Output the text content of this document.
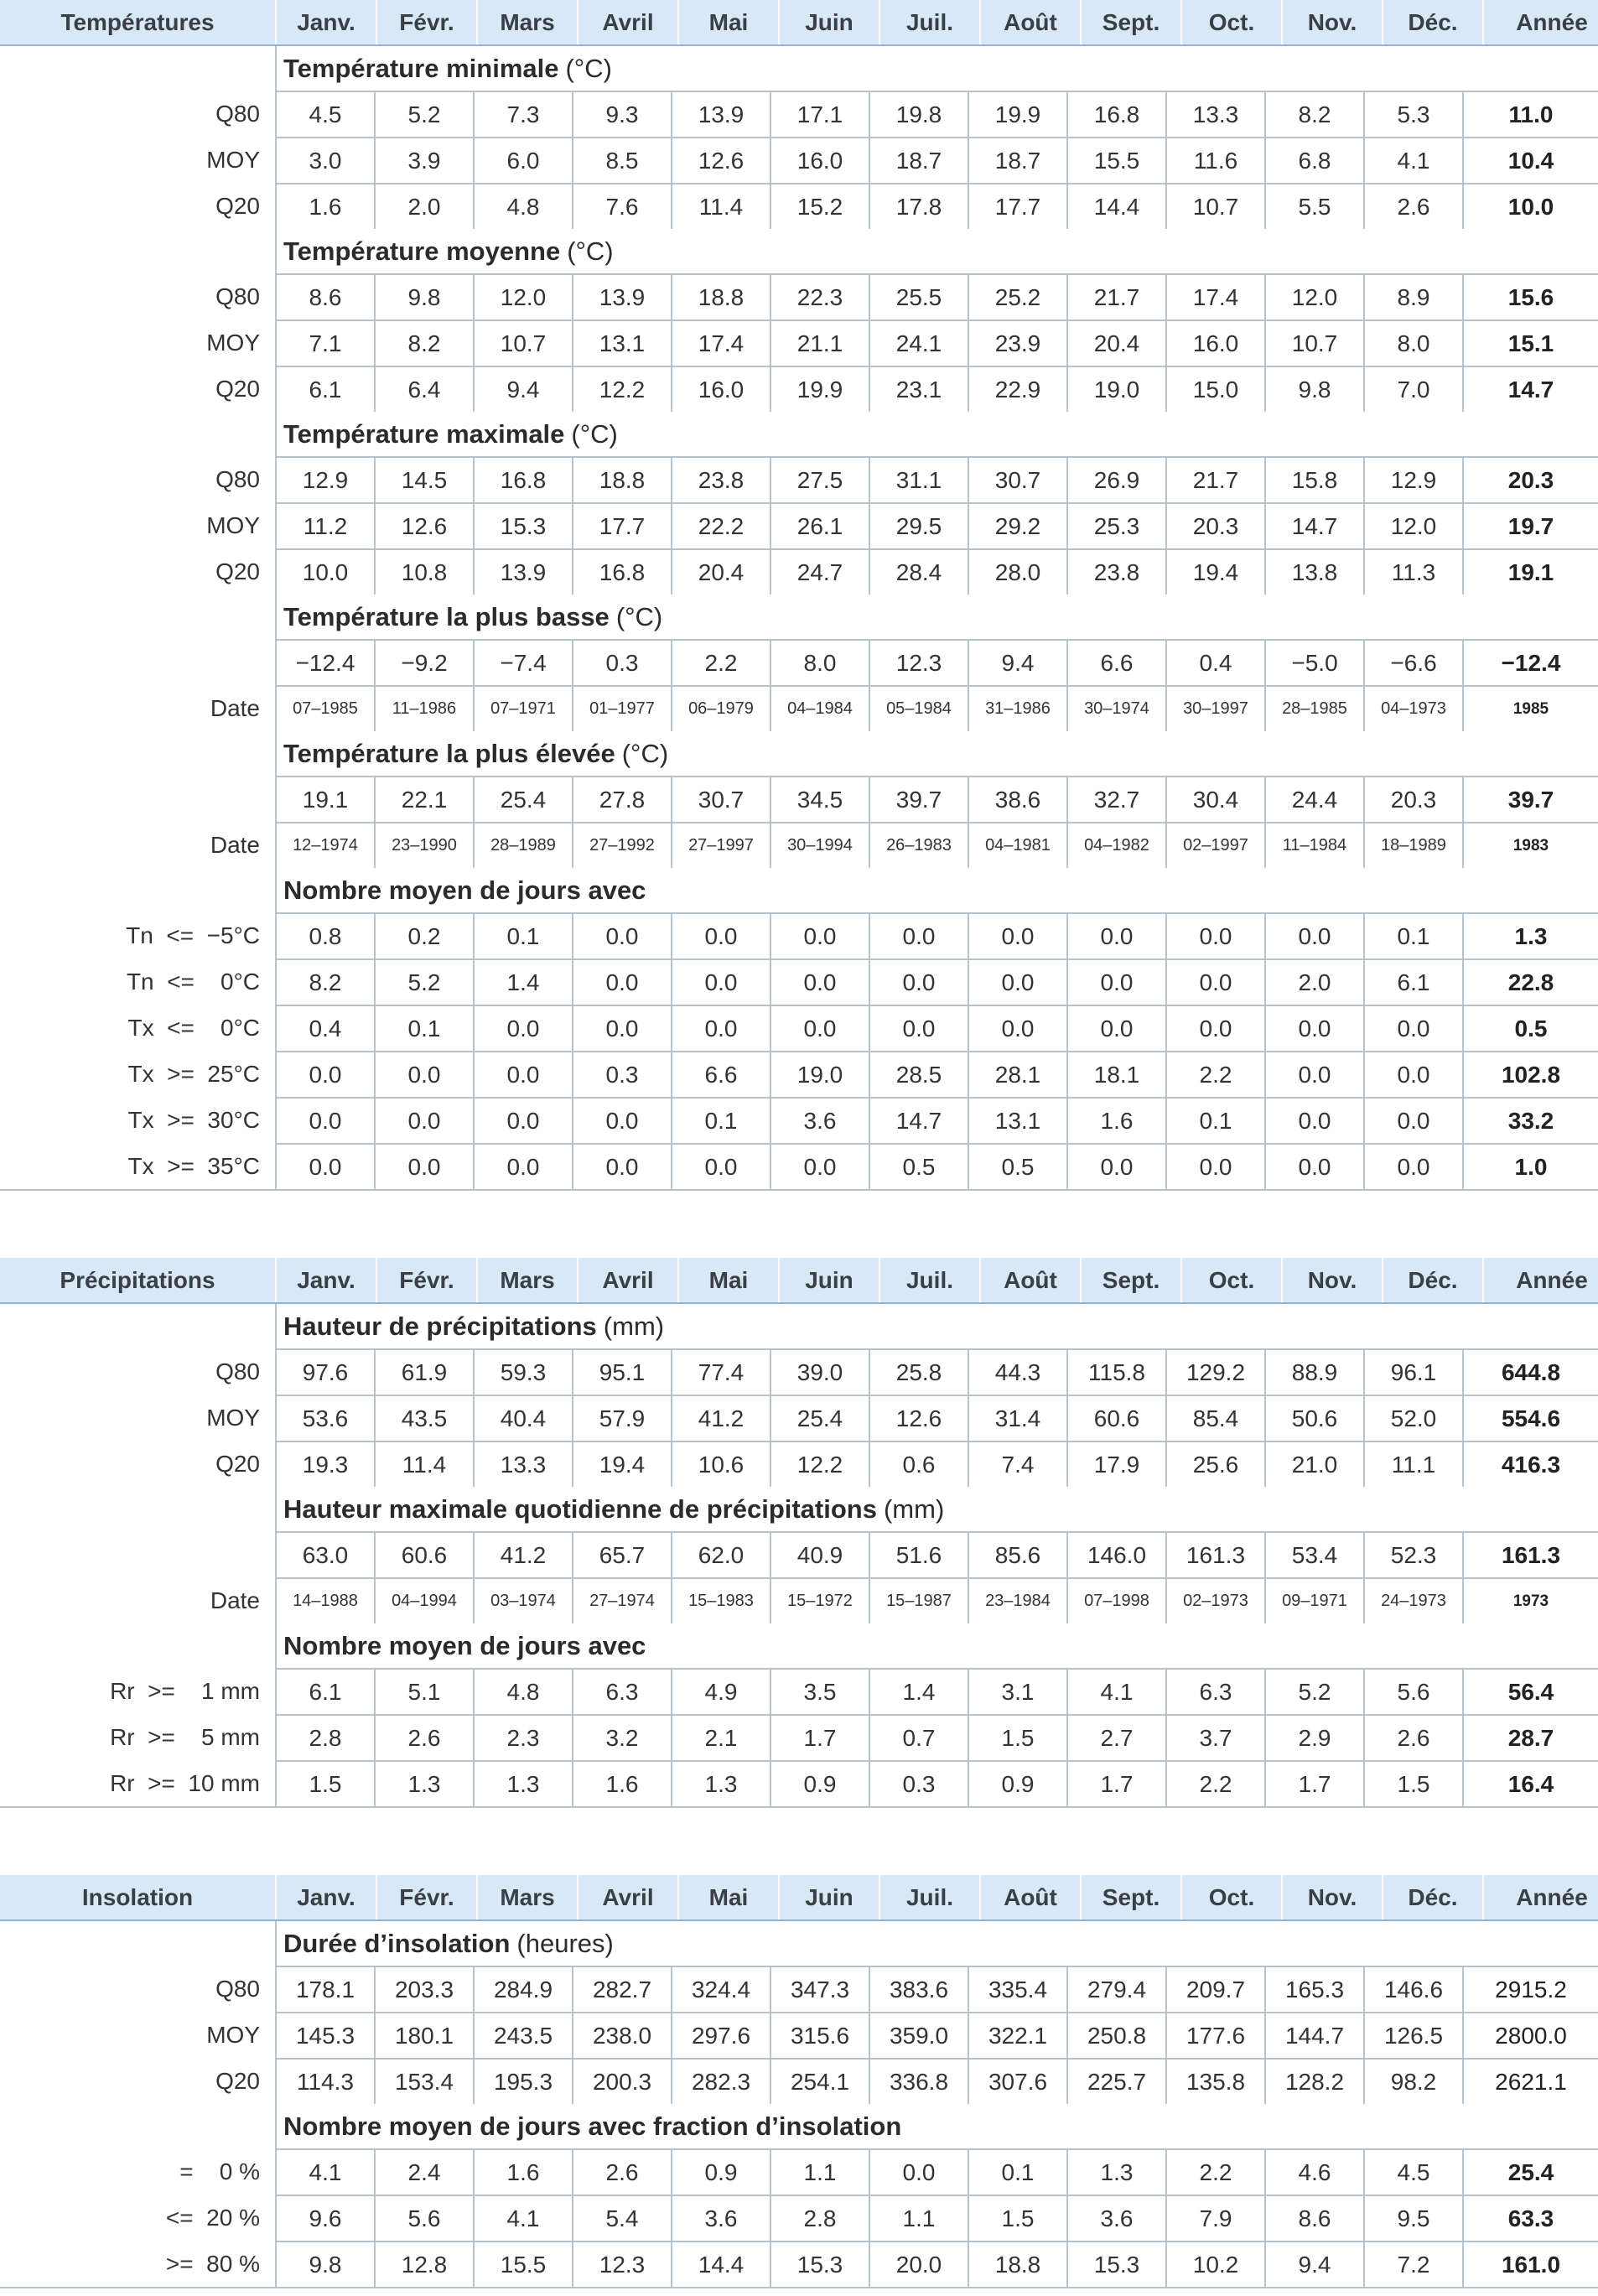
Températures	Janv.	Févr.	Mars	Avril	Mai	Juin	Juil.	Août	Sept.	Oct.	Nov.	Déc.	Année
Température minimale (°C)
Q80	4.5	5.2	7.3	9.3	13.9	17.1	19.8	19.9	16.8	13.3	8.2	5.3	11.0
MOY	3.0	3.9	6.0	8.5	12.6	16.0	18.7	18.7	15.5	11.6	6.8	4.1	10.4
Q20	1.6	2.0	4.8	7.6	11.4	15.2	17.8	17.7	14.4	10.7	5.5	2.6	10.0
Température moyenne (°C)
Q80	8.6	9.8	12.0	13.9	18.8	22.3	25.5	25.2	21.7	17.4	12.0	8.9	15.6
MOY	7.1	8.2	10.7	13.1	17.4	21.1	24.1	23.9	20.4	16.0	10.7	8.0	15.1
Q20	6.1	6.4	9.4	12.2	16.0	19.9	23.1	22.9	19.0	15.0	9.8	7.0	14.7
Température maximale (°C)
Q80	12.9	14.5	16.8	18.8	23.8	27.5	31.1	30.7	26.9	21.7	15.8	12.9	20.3
MOY	11.2	12.6	15.3	17.7	22.2	26.1	29.5	29.2	25.3	20.3	14.7	12.0	19.7
Q20	10.0	10.8	13.9	16.8	20.4	24.7	28.4	28.0	23.8	19.4	13.8	11.3	19.1
Température la plus basse (°C)
−12.4	−9.2	−7.4	0.3	2.2	8.0	12.3	9.4	6.6	0.4	−5.0	−6.6	−12.4
Date	07–1985	11–1986	07–1971	01–1977	06–1979	04–1984	05–1984	31–1986	30–1974	30–1997	28–1985	04–1973	1985
Température la plus élevée (°C)
19.1	22.1	25.4	27.8	30.7	34.5	39.7	38.6	32.7	30.4	24.4	20.3	39.7
Date	12–1974	23–1990	28–1989	27–1992	27–1997	30–1994	26–1983	04–1981	04–1982	02–1997	11–1984	18–1989	1983
Nombre moyen de jours avec
Tn  <=  −5°C	0.8	0.2	0.1	0.0	0.0	0.0	0.0	0.0	0.0	0.0	0.0	0.1	1.3
Tn  <=    0°C	8.2	5.2	1.4	0.0	0.0	0.0	0.0	0.0	0.0	0.0	2.0	6.1	22.8
Tx  <=    0°C	0.4	0.1	0.0	0.0	0.0	0.0	0.0	0.0	0.0	0.0	0.0	0.0	0.5
Tx  >=  25°C	0.0	0.0	0.0	0.3	6.6	19.0	28.5	28.1	18.1	2.2	0.0	0.0	102.8
Tx  >=  30°C	0.0	0.0	0.0	0.0	0.1	3.6	14.7	13.1	1.6	0.1	0.0	0.0	33.2
Tx  >=  35°C	0.0	0.0	0.0	0.0	0.0	0.0	0.5	0.5	0.0	0.0	0.0	0.0	1.0
Précipitations	Janv.	Févr.	Mars	Avril	Mai	Juin	Juil.	Août	Sept.	Oct.	Nov.	Déc.	Année
Hauteur de précipitations (mm)
Q80	97.6	61.9	59.3	95.1	77.4	39.0	25.8	44.3	115.8	129.2	88.9	96.1	644.8
MOY	53.6	43.5	40.4	57.9	41.2	25.4	12.6	31.4	60.6	85.4	50.6	52.0	554.6
Q20	19.3	11.4	13.3	19.4	10.6	12.2	0.6	7.4	17.9	25.6	21.0	11.1	416.3
Hauteur maximale quotidienne de précipitations (mm)
63.0	60.6	41.2	65.7	62.0	40.9	51.6	85.6	146.0	161.3	53.4	52.3	161.3
Date	14–1988	04–1994	03–1974	27–1974	15–1983	15–1972	15–1987	23–1984	07–1998	02–1973	09–1971	24–1973	1973
Nombre moyen de jours avec
Rr  >=    1 mm	6.1	5.1	4.8	6.3	4.9	3.5	1.4	3.1	4.1	6.3	5.2	5.6	56.4
Rr  >=    5 mm	2.8	2.6	2.3	3.2	2.1	1.7	0.7	1.5	2.7	3.7	2.9	2.6	28.7
Rr  >=  10 mm	1.5	1.3	1.3	1.6	1.3	0.9	0.3	0.9	1.7	2.2	1.7	1.5	16.4
Insolation	Janv.	Févr.	Mars	Avril	Mai	Juin	Juil.	Août	Sept.	Oct.	Nov.	Déc.	Année
Durée d’insolation (heures)
Q80	178.1	203.3	284.9	282.7	324.4	347.3	383.6	335.4	279.4	209.7	165.3	146.6	2915.2
MOY	145.3	180.1	243.5	238.0	297.6	315.6	359.0	322.1	250.8	177.6	144.7	126.5	2800.0
Q20	114.3	153.4	195.3	200.3	282.3	254.1	336.8	307.6	225.7	135.8	128.2	98.2	2621.1
Nombre moyen de jours avec fraction d’insolation
=    0 %	4.1	2.4	1.6	2.6	0.9	1.1	0.0	0.1	1.3	2.2	4.6	4.5	25.4
<=  20 %	9.6	5.6	4.1	5.4	3.6	2.8	1.1	1.5	3.6	7.9	8.6	9.5	63.3
>=  80 %	9.8	12.8	15.5	12.3	14.4	15.3	20.0	18.8	15.3	10.2	9.4	7.2	161.0
